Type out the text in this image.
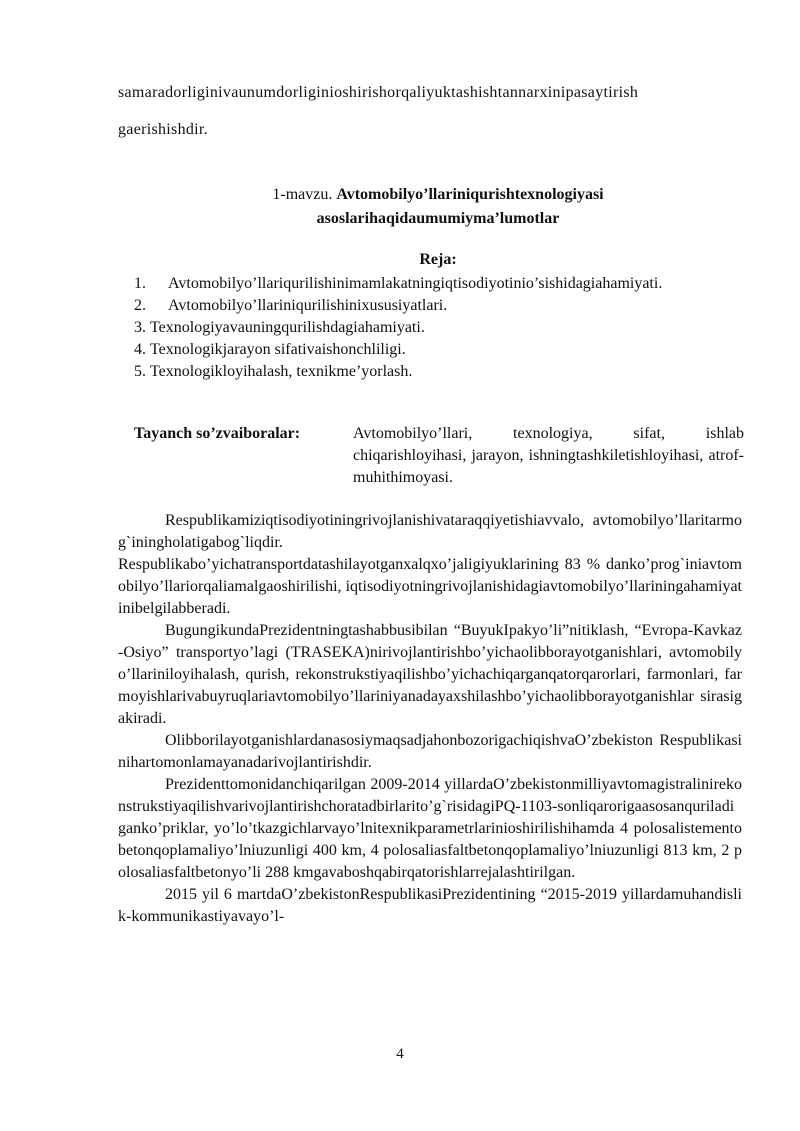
samaradorliginivaunumdorliginioshirishorqaliyuktashishtannarxinipasaytirish
gaerishishdir.
1-mavzu. Avtomobilyo’llariniqurishtexnologiyasi
asoslarihaqidaumumiyma’lumotlar
Reja:
1.	Avtomobilyo’llariqurilishinimamlakatningiqtisodiyotinio’sishidagiahamiyati.
2.	Avtomobilyo’llariniqurilishinixususiyatlari.
3.
Texnologiyavauningqurilishdagiahamiyati.
4.
Texnologikjarayon sifativaishonchliligi.
5.
Texnologikloyihalash, texnikme’yorlash.
Tayanch so’zvaiboralar:	Avtomobilyo’llari, texnologiya, sifat, ishlab chiqarishloyihasi, jarayon, ishningtashkiletishloyihasi, atrof-muhithimoyasi.

Respublikamiziqtisodiyotiningrivojlanishivataraqqiyetishiavvalo, avtomobilyo’llaritarmog`iningholatigabog`liqdir.

Respublikabo’yichatransportdatashilayotganxalqxo’jaligiyuklarining 83 % danko’prog`iniavtomobilyo’llariorqaliamalgaoshirilishi, iqtisodiyotningrivojlanishidagiavtomobilyo’llariningahamiyatinibelgilabberadi.

BugungikundaPrezidentningtashabbusibilan “BuyukIpakyo’li”nitiklash, “Evropa-Kavkaz-Osiyo” transportyo’lagi (TRASEKA)nirivojlantirishbo’yichaolibborayotganishlari, avtomobilyo’llariniloyihalash, qurish, rekonstrukstiyaqilishbo’yichachiqarganqatorqarorlari, farmonlari, farmoyishlarivabuyruqlariavtomobilyo’llariniyanadayaxshilashbo’yichaolibborayotganishlar sirasigakiradi.

OlibborilayotganishlardanasosiymaqsadjahonbozorigachiqishvaO’zbekiston Respublikasinihartomonlamayanadarivojlantirishdir.

Prezidenttomonidanchiqarilgan 2009-2014 yillardaO’zbekistonmilliyavtomagistralinirekonstrukstiyaqilishvarivojlantirishchoratadbirlarito’g`risidagiPQ-1103-sonliqarorigaasosanquriladiganko’priklar, yo’lo’tkazgichlarvayo’lnitexnikparametrlarinioshirilishihamda 4 polosalistementobetonqoplamaliyo’lniuzunligi 400 km, 4 polosaliasfaltbetonqoplamaliyo’lniuzunligi 813 km, 2 polosaliasfaltbetonyo’li 288 kmgavaboshqabirqatorishlarrejalashtirilgan.

2015 yil 6 martdaO’zbekistonRespublikasiPrezidentining “2015-2019 yillardamuhandislik-kommunikastiyavayo’l-

4
